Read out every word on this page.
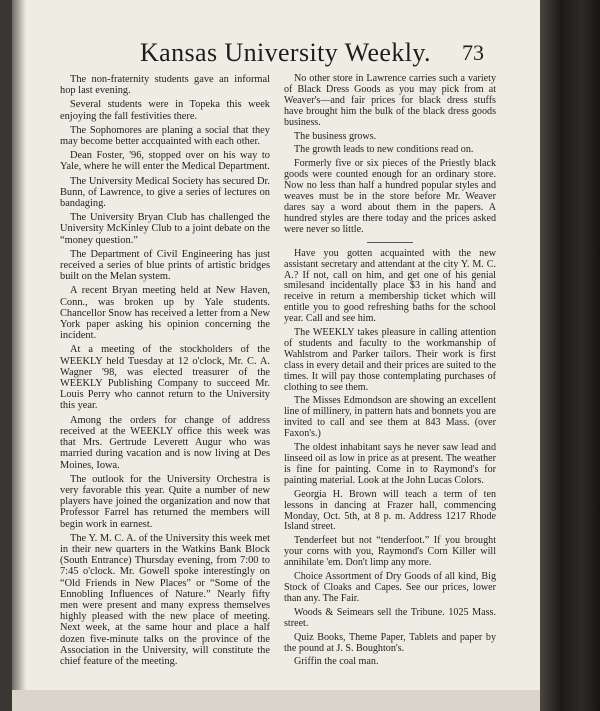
Kansas University Weekly. 73

The non-fraternity students gave an informal hop last evening.

Several students were in Topeka this week enjoying the fall festivities there.

The Sophomores are planing a social that they may become better accquainted with each other.

Dean Foster, '96, stopped over on his way to Yale, where he will enter the Medical Department.

The University Medical Society has secured Dr. Bunn, of Lawrence, to give a series of lectures on bandaging.

The University Bryan Club has challenged the University McKinley Club to a joint debate on the “money question.”

The Department of Civil Engineering has just received a series of blue prints of artistic bridges built on the Melan system.

A recent Bryan meeting held at New Haven, Conn., was broken up by Yale students. Chancellor Snow has received a letter from a New York paper asking his opinion concerning the incident.

At a meeting of the stockholders of the WEEKLY held Tuesday at 12 o'clock, Mr. C. A. Wagner '98, was elected treasurer of the WEEKLY Publishing Company to succeed Mr. Louis Perry who cannot return to the University this year.

Among the orders for change of address received at the WEEKLY office this week was that Mrs. Gertrude Leverett Augur who was married during vacation and is now living at Des Moines, Iowa.

The outlook for the University Orchestra is very favorable this year. Quite a number of new players have joined the organization and now that Professor Farrel has returned the members will begin work in earnest.

The Y. M. C. A. of the University this week met in their new quarters in the Watkins Bank Block (South Entrance) Thursday evening, from 7:00 to 7:45 o'clock. Mr. Gowell spoke interestingly on “Old Friends in New Places” or “Some of the Ennobling Influences of Nature.” Nearly fifty men were present and many express themselves highly pleased with the new place of meeting. Next week, at the same hour and place a half dozen five-minute talks on the province of the Association in the University, will constitute the chief feature of the meeting.

No other store in Lawrence carries such a variety of Black Dress Goods as you may pick from at Weaver's—and fair prices for black dress stuffs have brought him the bulk of the black dress goods business.

The business grows.

The growth leads to new conditions read on.

Formerly five or six pieces of the Priestly black goods were counted enough for an ordinary store. Now no less than half a hundred popular styles and weaves must be in the store before Mr. Weaver dares say a word about them in the papers. A hundred styles are there today and the prices asked were never so little.

Have you gotten acquainted with the new assistant secretary and attendant at the city Y. M. C. A.? If not, call on him, and get one of his genial smilesand incidentally place $3 in his hand and receive in return a membership ticket which will entitle you to good refreshing baths for the school year. Call and see him.

The WEEKLY takes pleasure in calling attention of students and faculty to the workmanship of Wahlstrom and Parker tailors. Their work is first class in every detail and their prices are suited to the times. It will pay those contemplating purchases of clothing to see them.

The Misses Edmondson are showing an excellent line of millinery, in pattern hats and bonnets you are invited to call and see them at 843 Mass. (over Faxon's.)

The oldest inhabitant says he never saw lead and linseed oil as low in price as at present. The weather is fine for painting. Come in to Raymond's for painting material. Look at the John Lucas Colors.

Georgia H. Brown will teach a term of ten lessons in dancing at Frazer hall, commencing Monday, Oct. 5th, at 8 p. m. Address 1217 Rhode Island street.

Tenderfeet but not “tenderfoot.” If you brought your corns with you, Raymond's Corn Killer will annihilate 'em. Don't limp any more.

Choice Assortment of Dry Goods of all kind, Big Stock of Cloaks and Capes. See our prices, lower than any. The Fair.

Woods & Seimears sell the Tribune. 1025 Mass. street.

Quiz Books, Theme Paper, Tablets and paper by the pound at J. S. Boughton's.

Griffin the coal man.
